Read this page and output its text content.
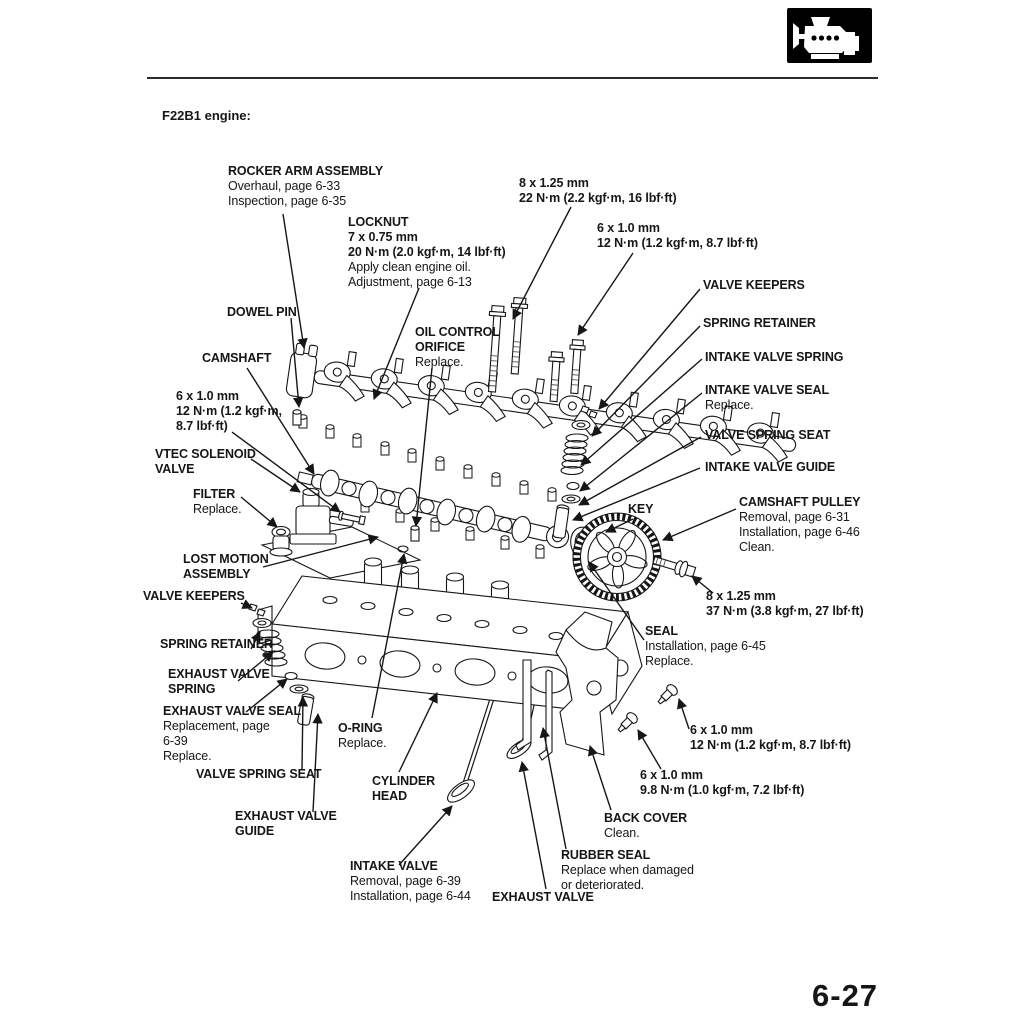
F22B1 engine:
ROCKER ARM ASSEMBLY
Overhaul, page 6-33
Inspection, page 6-35
8 x 1.25 mm
22 N·m (2.2 kgf·m, 16 lbf·ft)
LOCKNUT
7 x 0.75 mm
20 N·m (2.0 kgf·m, 14 lbf·ft)
Apply clean engine oil.
Adjustment, page 6-13
6 x 1.0 mm
12 N·m (1.2 kgf·m, 8.7 lbf·ft)
VALVE KEEPERS
SPRING RETAINER
INTAKE VALVE SPRING
INTAKE VALVE SEAL
Replace.
VALVE SPRING SEAT
INTAKE VALVE GUIDE
DOWEL PIN
OIL CONTROL ORIFICE
Replace.
CAMSHAFT
6 x 1.0 mm
12 N·m (1.2 kgf·m,
8.7 lbf·ft)
VTEC SOLENOID VALVE
FILTER
Replace.
LOST MOTION ASSEMBLY
VALVE KEEPERS
SPRING RETAINER
EXHAUST VALVE SPRING
EXHAUST VALVE SEAL
Replacement, page
6-39
Replace.
VALVE SPRING SEAT
EXHAUST VALVE GUIDE
O-RING
Replace.
CYLINDER HEAD
INTAKE VALVE
Removal, page 6-39
Installation, page 6-44 EXHAUST VALVE
KEY	CAMSHAFT PULLEY
Removal, page 6-31
Installation, page 6-46
Clean.
8 x 1.25 mm
37 N·m (3.8 kgf·m, 27 lbf·ft)
SEAL
Installation, page 6-45
Replace.
6 x 1.0 mm
12 N·m (1.2 kgf·m, 8.7 lbf·ft)
6 x 1.0 mm
9.8 N·m (1.0 kgf·m, 7.2 lbf·ft)
BACK COVER
Clean.
RUBBER SEAL
Replace when damaged
or deteriorated.
6-27
